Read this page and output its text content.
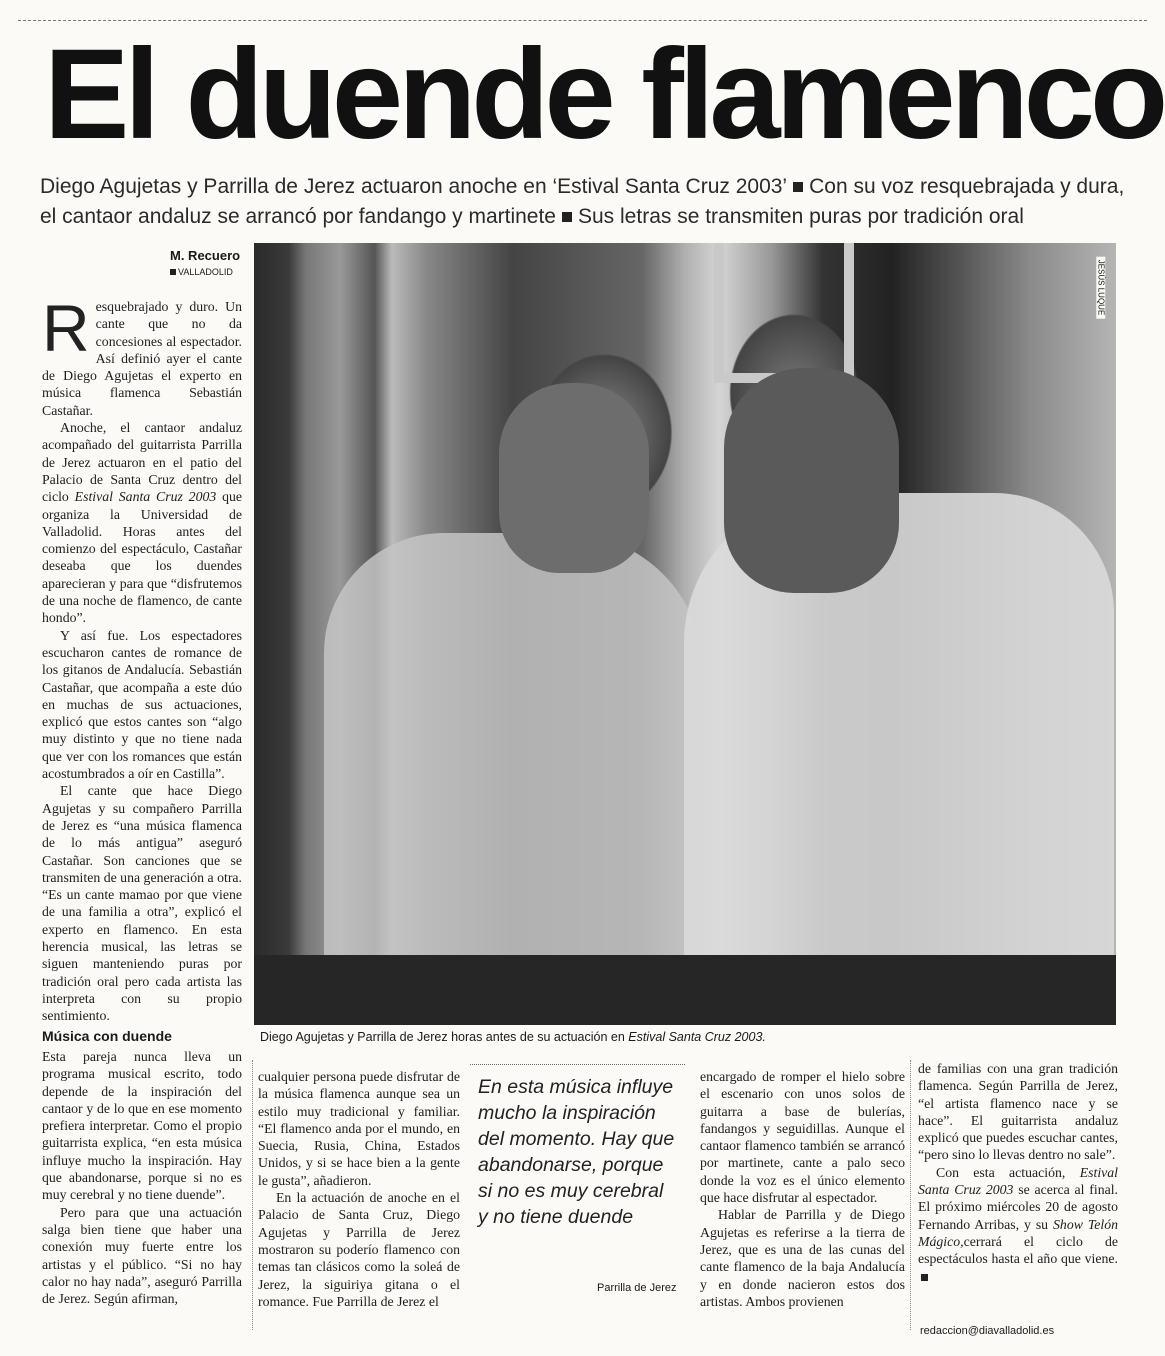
El duende flamenco
Diego Agujetas y Parrilla de Jerez actuaron anoche en ‘Estival Santa Cruz 2003’ Con su voz resquebrajada y dura, el cantaor andaluz se arrancó por fandango y martinete Sus letras se transmiten puras por tradición oral
M. Recuero
VALLADOLID	JESÚS LUQUE
Diego Agujetas y Parrilla de Jerez horas antes de su actuación en Estival Santa Cruz 2003.

Resquebrajado y duro. Un cante que no da concesiones al espectador. Así definió ayer el cante de Diego Agujetas el experto en música flamenca Sebastián Castañar.

Anoche, el cantaor andaluz acompañado del guitarrista Parrilla de Jerez actuaron en el patio del Palacio de Santa Cruz dentro del ciclo Estival Santa Cruz 2003 que organiza la Universidad de Valladolid. Horas antes del comienzo del espectáculo, Castañar deseaba que los duendes aparecieran y para que “disfrutemos de una noche de flamenco, de cante hondo”.

Y así fue. Los espectadores escucharon cantes de romance de los gitanos de Andalucía. Sebastián Castañar, que acompaña a este dúo en muchas de sus actuaciones, explicó que estos cantes son “algo muy distinto y que no tiene nada que ver con los romances que están acostumbrados a oír en Castilla”.

El cante que hace Diego Agujetas y su compañero Parrilla de Jerez es “una música flamenca de lo más antigua” aseguró Castañar. Son canciones que se transmiten de una generación a otra. “Es un cante mamao por que viene de una familia a otra”, explicó el experto en flamenco. En esta herencia musical, las letras se siguen manteniendo puras por tradición oral pero cada artista las interpreta con su propio sentimiento.

Música con duende

Esta pareja nunca lleva un programa musical escrito, todo depende de la inspiración del cantaor y de lo que en ese momento prefiera interpretar. Como el propio guitarrista explica, “en esta música influye mucho la inspiración. Hay que abandonarse, porque si no es muy cerebral y no tiene duende”.

Pero para que una actuación salga bien tiene que haber una conexión muy fuerte entre los artistas y el público. “Si no hay calor no hay nada”, aseguró Parrilla de Jerez. Según afirman,

cualquier persona puede disfrutar de la música flamenca aunque sea un estilo muy tradicional y familiar. “El flamenco anda por el mundo, en Suecia, Rusia, China, Estados Unidos, y si se hace bien a la gente le gusta”, añadieron.

En la actuación de anoche en el Palacio de Santa Cruz, Diego Agujetas y Parrilla de Jerez mostraron su poderío flamenco con temas tan clásicos como la soleá de Jerez, la siguiriya gitana o el romance. Fue Parrilla de Jerez el

En esta música influye mucho la inspiración del momento. Hay que abandonarse, porque si no es muy cerebral y no tiene duende
Parrilla de Jerez

encargado de romper el hielo sobre el escenario con unos solos de guitarra a base de bulerías, fandangos y seguidillas. Aunque el cantaor flamenco también se arrancó por martinete, cante a palo seco donde la voz es el único elemento que hace disfrutar al espectador.

Hablar de Parrilla y de Diego Agujetas es referirse a la tierra de Jerez, que es una de las cunas del cante flamenco de la baja Andalucía y en donde nacieron estos dos artistas. Ambos provienen

de familias con una gran tradición flamenca. Según Parrilla de Jerez, “el artista flamenco nace y se hace”. El guitarrista andaluz explicó que puedes escuchar cantes, “pero sino lo llevas dentro no sale”.

Con esta actuación, Estival Santa Cruz 2003 se acerca al final. El próximo miércoles 20 de agosto Fernando Arribas, y su Show Telón Mágico,cerrará el ciclo de espectáculos hasta el año que viene.

redaccion@diavalladolid.es
